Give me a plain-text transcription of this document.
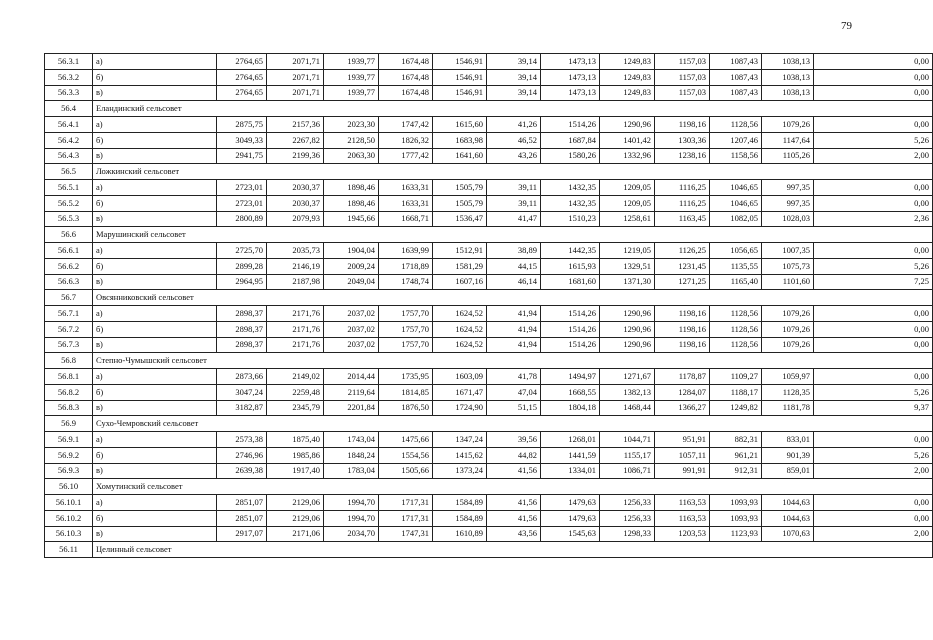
79
56.3.1	а)	2764,65	2071,71	1939,77	1674,48	1546,91	39,14	1473,13	1249,83	1157,03	1087,43	1038,13	0,00
56.3.2	б)	2764,65	2071,71	1939,77	1674,48	1546,91	39,14	1473,13	1249,83	1157,03	1087,43	1038,13	0,00
56.3.3	в)	2764,65	2071,71	1939,77	1674,48	1546,91	39,14	1473,13	1249,83	1157,03	1087,43	1038,13	0,00
56.4	Еландинский сельсовет												
56.4.1	а)	2875,75	2157,36	2023,30	1747,42	1615,60	41,26	1514,26	1290,96	1198,16	1128,56	1079,26	0,00
56.4.2	б)	3049,33	2267,82	2128,50	1826,32	1683,98	46,52	1687,84	1401,42	1303,36	1207,46	1147,64	5,26
56.4.3	в)	2941,75	2199,36	2063,30	1777,42	1641,60	43,26	1580,26	1332,96	1238,16	1158,56	1105,26	2,00
56.5	Ложкинский сельсовет												
56.5.1	а)	2723,01	2030,37	1898,46	1633,31	1505,79	39,11	1432,35	1209,05	1116,25	1046,65	997,35	0,00
56.5.2	б)	2723,01	2030,37	1898,46	1633,31	1505,79	39,11	1432,35	1209,05	1116,25	1046,65	997,35	0,00
56.5.3	в)	2800,89	2079,93	1945,66	1668,71	1536,47	41,47	1510,23	1258,61	1163,45	1082,05	1028,03	2,36
56.6	Марушинский сельсовет												
56.6.1	а)	2725,70	2035,73	1904,04	1639,99	1512,91	38,89	1442,35	1219,05	1126,25	1056,65	1007,35	0,00
56.6.2	б)	2899,28	2146,19	2009,24	1718,89	1581,29	44,15	1615,93	1329,51	1231,45	1135,55	1075,73	5,26
56.6.3	в)	2964,95	2187,98	2049,04	1748,74	1607,16	46,14	1681,60	1371,30	1271,25	1165,40	1101,60	7,25
56.7	Овсянниковский сельсовет												
56.7.1	а)	2898,37	2171,76	2037,02	1757,70	1624,52	41,94	1514,26	1290,96	1198,16	1128,56	1079,26	0,00
56.7.2	б)	2898,37	2171,76	2037,02	1757,70	1624,52	41,94	1514,26	1290,96	1198,16	1128,56	1079,26	0,00
56.7.3	в)	2898,37	2171,76	2037,02	1757,70	1624,52	41,94	1514,26	1290,96	1198,16	1128,56	1079,26	0,00
56.8	Степно-Чумышский сельсовет												
56.8.1	а)	2873,66	2149,02	2014,44	1735,95	1603,09	41,78	1494,97	1271,67	1178,87	1109,27	1059,97	0,00
56.8.2	б)	3047,24	2259,48	2119,64	1814,85	1671,47	47,04	1668,55	1382,13	1284,07	1188,17	1128,35	5,26
56.8.3	в)	3182,87	2345,79	2201,84	1876,50	1724,90	51,15	1804,18	1468,44	1366,27	1249,82	1181,78	9,37
56.9	Сухо-Чемровский сельсовет												
56.9.1	а)	2573,38	1875,40	1743,04	1475,66	1347,24	39,56	1268,01	1044,71	951,91	882,31	833,01	0,00
56.9.2	б)	2746,96	1985,86	1848,24	1554,56	1415,62	44,82	1441,59	1155,17	1057,11	961,21	901,39	5,26
56.9.3	в)	2639,38	1917,40	1783,04	1505,66	1373,24	41,56	1334,01	1086,71	991,91	912,31	859,01	2,00
56.10	Хомутинский сельсовет												
56.10.1	а)	2851,07	2129,06	1994,70	1717,31	1584,89	41,56	1479,63	1256,33	1163,53	1093,93	1044,63	0,00
56.10.2	б)	2851,07	2129,06	1994,70	1717,31	1584,89	41,56	1479,63	1256,33	1163,53	1093,93	1044,63	0,00
56.10.3	в)	2917,07	2171,06	2034,70	1747,31	1610,89	43,56	1545,63	1298,33	1203,53	1123,93	1070,63	2,00
56.11	Целинный сельсовет												
